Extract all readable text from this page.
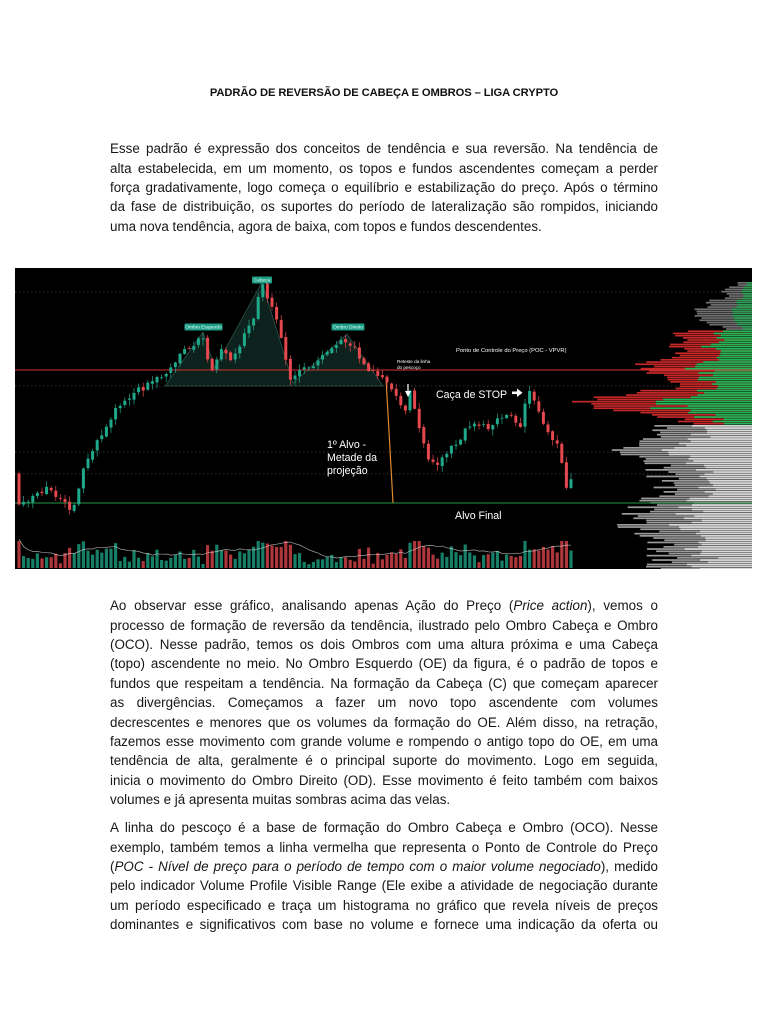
PADRÃO DE REVERSÃO DE CABEÇA E OMBROS – LIGA CRYPTO
Esse padrão é expressão dos conceitos de tendência e sua reversão. Na tendência de
alta estabelecida, em um momento, os topos e fundos ascendentes começam a perder
força gradativamente, logo começa o equilíbrio e estabilização do preço. Após o término
da fase de distribuição, os suportes do período de lateralização são rompidos, iniciando
uma nova tendência, agora de baixa, com topos e fundos descendentes.
Cabeça
Ombro Esquerdo	Ombro Direito
Ponto de Controle do Preço (POC - VPVR)
Reteste da linha
do pescoço
Caça de STOP
1º Alvo -
Metade da
projeção
Alvo Final
Ao observar esse gráfico, analisando apenas Ação do Preço (Price action), vemos o
processo de formação de reversão da tendência, ilustrado pelo Ombro Cabeça e Ombro
(OCO). Nesse padrão, temos os dois Ombros com uma altura próxima e uma Cabeça
(topo) ascendente no meio. No Ombro Esquerdo (OE) da figura, é o padrão de topos e
fundos que respeitam a tendência. Na formação da Cabeça (C) que começam aparecer
as divergências. Começamos a fazer um novo topo ascendente com volumes
decrescentes e menores que os volumes da formação do OE. Além disso, na retração,
fazemos esse movimento com grande volume e rompendo o antigo topo do OE, em uma
tendência de alta, geralmente é o principal suporte do movimento. Logo em seguida,
inicia o movimento do Ombro Direito (OD). Esse movimento é feito também com baixos
volumes e já apresenta muitas sombras acima das velas.
A linha do pescoço é a base de formação do Ombro Cabeça e Ombro (OCO). Nesse
exemplo, também temos a linha vermelha que representa o Ponto de Controle do Preço
(POC - Nível de preço para o período de tempo com o maior volume negociado), medido
pelo indicador Volume Profile Visible Range (Ele exibe a atividade de negociação durante
um período especificado e traça um histograma no gráfico que revela níveis de preços
dominantes e significativos com base no volume e fornece uma indicação da oferta ou
